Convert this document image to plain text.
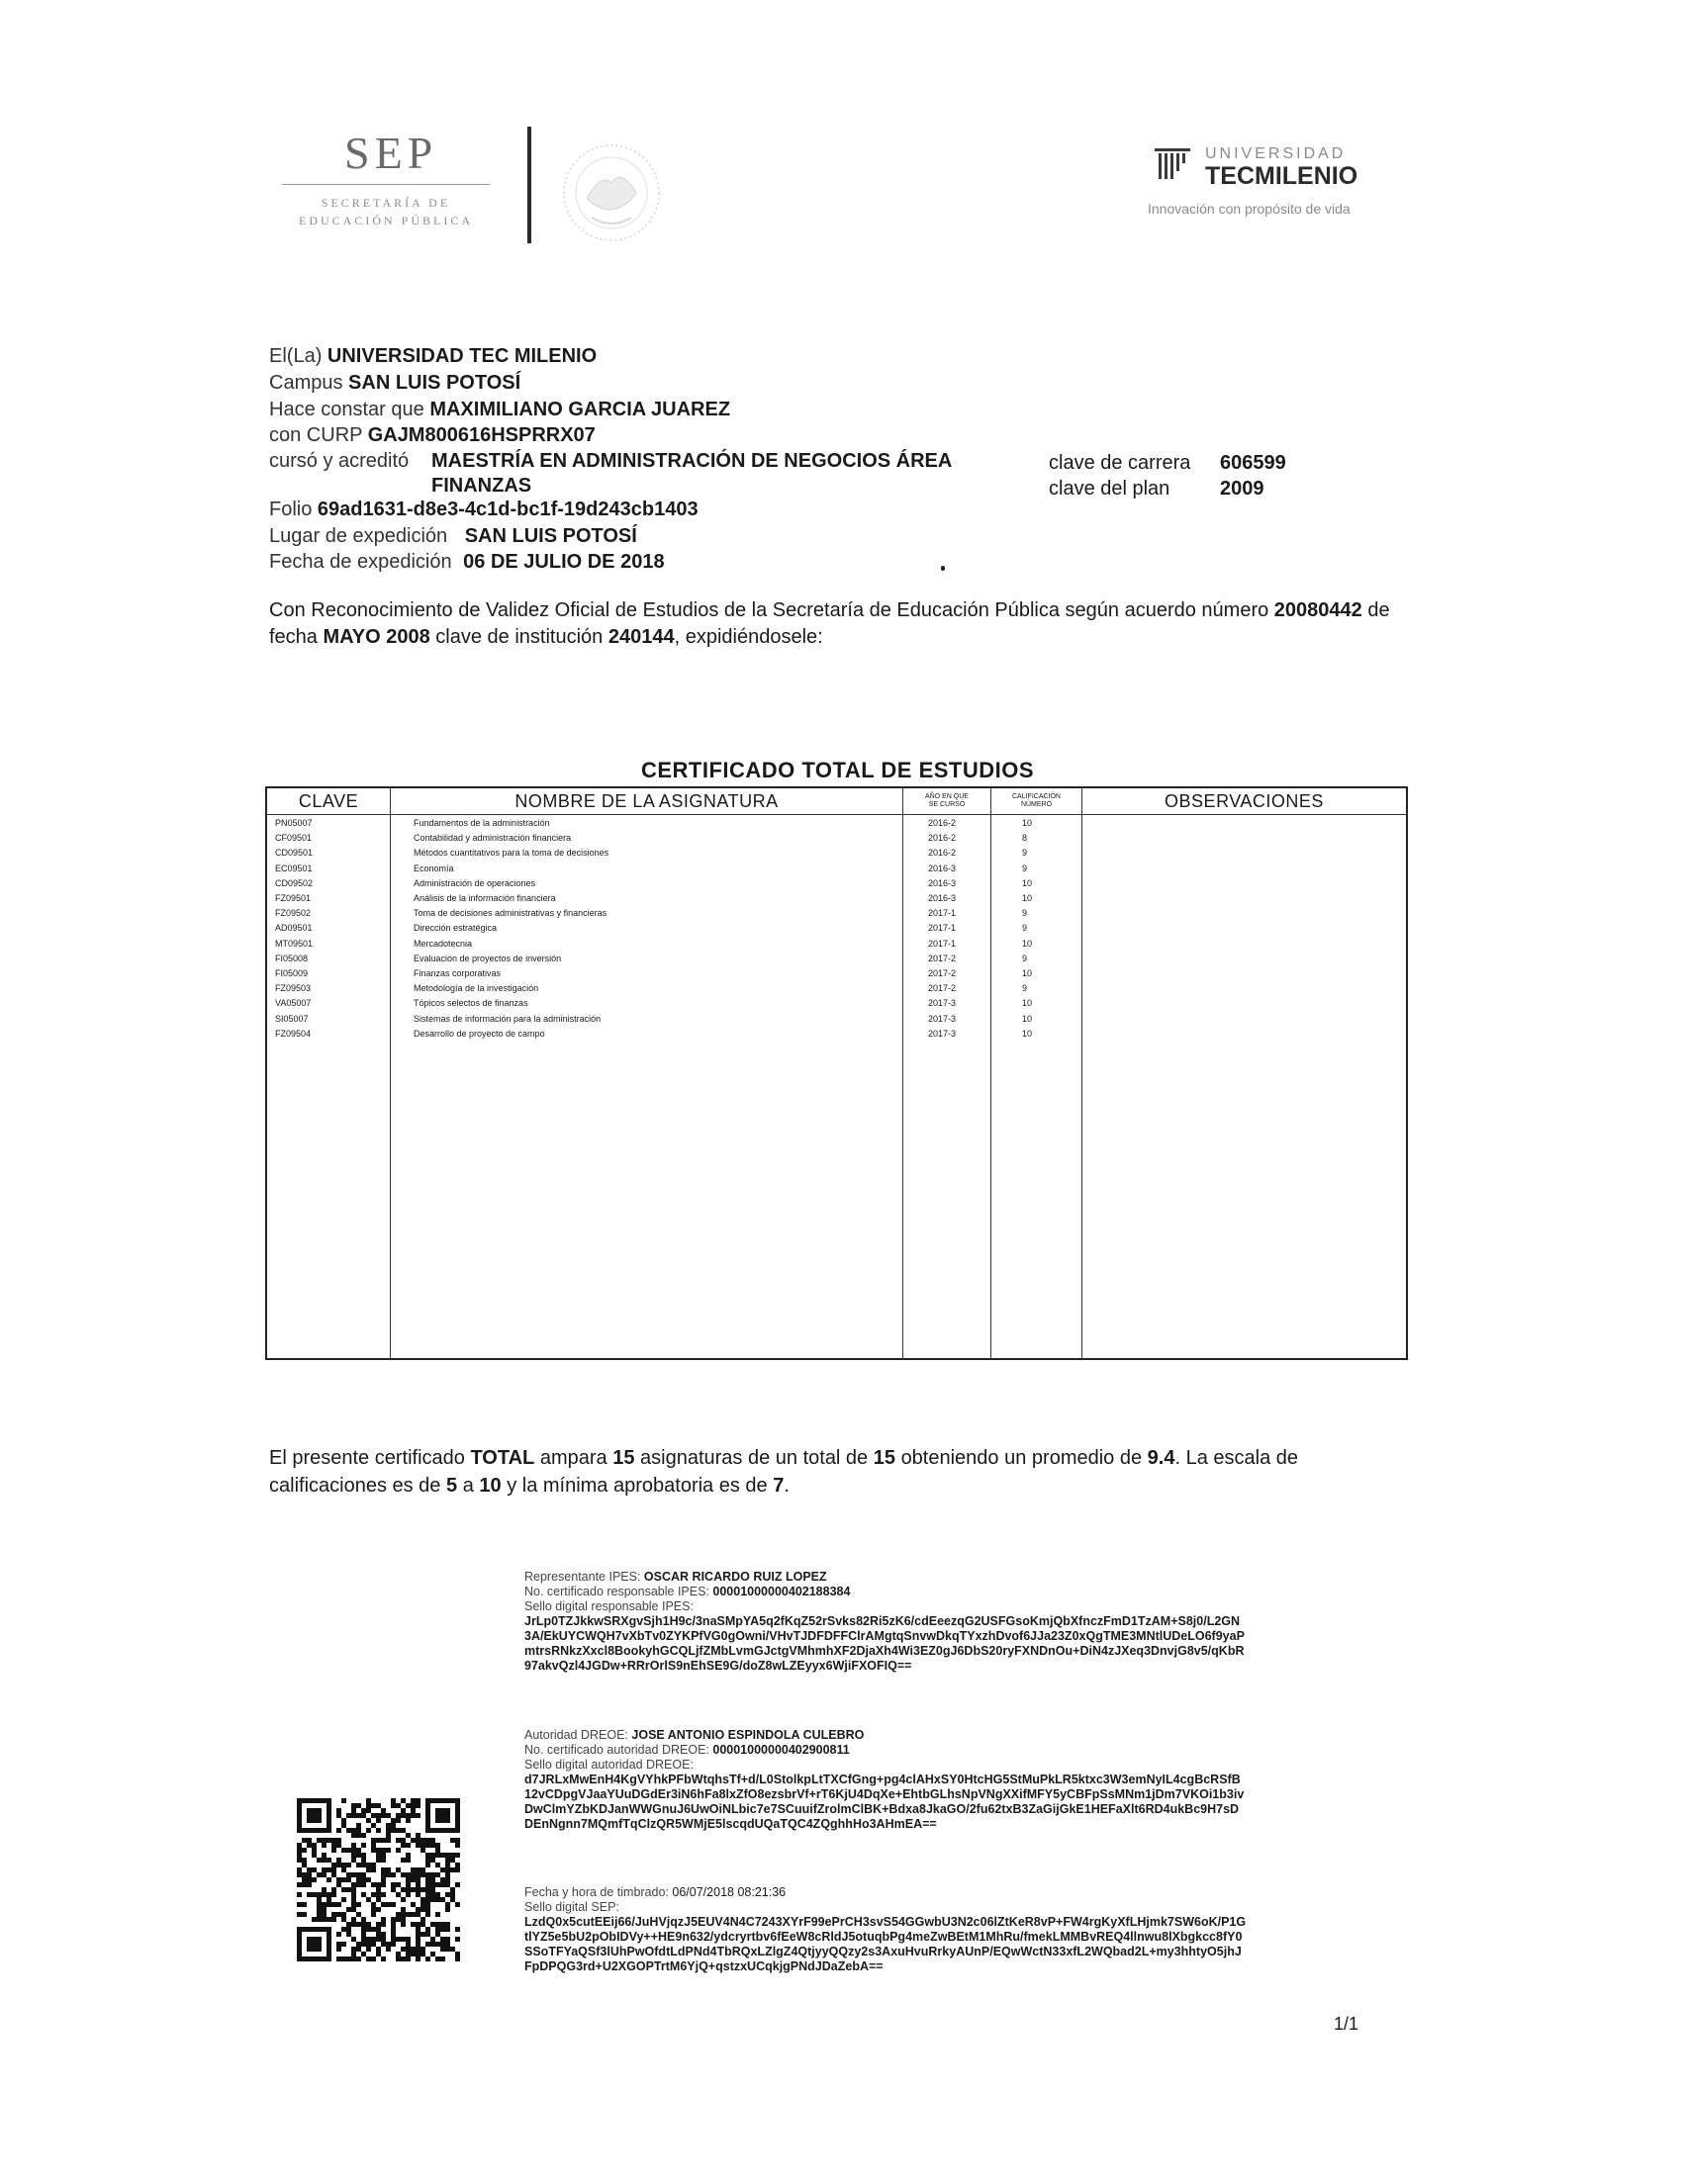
SEP
SECRETARÍA DE
EDUCACIÓN PÚBLICA
UNIVERSIDAD
TECMILENIO
Innovación con propósito de vida
El(La) UNIVERSIDAD TEC MILENIO
Campus SAN LUIS POTOSÍ
Hace constar que MAXIMILIANO GARCIA JUAREZ
con CURP GAJM800616HSPRRX07
cursó y acreditó MAESTRÍA EN ADMINISTRACIÓN DE NEGOCIOS ÁREA
FINANZAS
clave de carrera 606599
clave del plan	2009
Folio 69ad1631-d8e3-4c1d-bc1f-19d243cb1403
Lugar de expedición SAN LUIS POTOSÍ
Fecha de expedición 06 DE JULIO DE 2018
Con Reconocimiento de Validez Oficial de Estudios de la Secretaría de Educación Pública según acuerdo número 20080442 de fecha MAYO 2008 clave de institución 240144, expidiéndosele:
CERTIFICADO TOTAL DE ESTUDIOS
CLAVE	NOMBRE DE LA ASIGNATURA	AÑO EN QUE
SE CURSÓ
CALIFICACIÓN
NÚMERO	OBSERVACIONES
PN05007	Fundamentos de la administración	2016-2	10
CF09501	Contabilidad y administración financiera	2016-2	8
CD09501	Métodos cuantitativos para la toma de decisiones	2016-2	9
EC09501	Economía	2016-3	9
CD09502	Administración de operaciones	2016-3	10
FZ09501	Análisis de la información financiera	2016-3	10
FZ09502	Toma de decisiones administrativas y financieras	2017-1	9
AD09501	Dirección estratégica	2017-1	9
MT09501	Mercadotecnia	2017-1	10
FI05008	Evaluación de proyectos de inversión	2017-2	9
FI05009	Finanzas corporativas	2017-2	10
FZ09503	Metodología de la investigación	2017-2	9
VA05007	Tópicos selectos de finanzas	2017-3	10
SI05007	Sistemas de información para la administración	2017-3	10
FZ09504	Desarrollo de proyecto de campo	2017-3	10
El presente certificado TOTAL ampara 15 asignaturas de un total de 15 obteniendo un promedio de 9.4. La escala de calificaciones es de 5 a 10 y la mínima aprobatoria es de 7.
Representante IPES: OSCAR RICARDO RUIZ LOPEZ
No. certificado responsable IPES: 00001000000402188384
Sello digital responsable IPES:
JrLp0TZJkkwSRXgvSjh1H9c/3naSMpYA5q2fKqZ52rSvks82Ri5zK6/cdEeezqG2USFGsoKmjQbXfnczFmD1TzAM+S8j0/L2GN
3A/EkUYCWQH7vXbTv0ZYKPfVG0gOwni/VHvTJDFDFFClrAMgtqSnvwDkqTYxzhDvof6JJa23Z0xQgTME3MNtlUDeLO6f9yaP
mtrsRNkzXxcl8BookyhGCQLjfZMbLvmGJctgVMhmhXF2DjaXh4Wi3EZ0gJ6DbS20ryFXNDnOu+DiN4zJXeq3DnvjG8v5/qKbR
97akvQzl4JGDw+RRrOrlS9nEhSE9G/doZ8wLZEyyx6WjiFXOFIQ==
Autoridad DREOE: JOSE ANTONIO ESPINDOLA CULEBRO
No. certificado autoridad DREOE: 00001000000402900811
Sello digital autoridad DREOE:
d7JRLxMwEnH4KgVYhkPFbWtqhsTf+d/L0StolkpLtTXCfGng+pg4clAHxSY0HtcHG5StMuPkLR5ktxc3W3emNyIL4cgBcRSfB
12vCDpgVJaaYUuDGdEr3iN6hFa8lxZfO8ezsbrVf+rT6KjU4DqXe+EhtbGLhsNpVNgXXifMFY5yCBFpSsMNm1jDm7VKOi1b3iv
DwClmYZbKDJanWWGnuJ6UwOiNLbic7e7SCuuifZrolmClBK+Bdxa8JkaGO/2fu62txB3ZaGijGkE1HEFaXlt6RD4ukBc9H7sD
DEnNgnn7MQmfTqClzQR5WMjE5lscqdUQaTQC4ZQghhHo3AHmEA==
Fecha y hora de timbrado: 06/07/2018 08:21:36
Sello digital SEP:
LzdQ0x5cutEEij66/JuHVjqzJ5EUV4N4C7243XYrF99ePrCH3svS54GGwbU3N2c06lZtKeR8vP+FW4rgKyXfLHjmk7SW6oK/P1G
tlYZ5e5bU2pObIDVy++HE9n632/ydcryrtbv6fEeW8cRldJ5otuqbPg4meZwBEtM1MhRu/fmekLMMBvREQ4llnwu8lXbgkcc8fY0
SSoTFYaQSf3lUhPwOfdtLdPNd4TbRQxLZlgZ4QtjyyQQzy2s3AxuHvuRrkyAUnP/EQwWctN33xfL2WQbad2L+my3hhtyO5jhJ
FpDPQG3rd+U2XGOPTrtM6YjQ+qstzxUCqkjgPNdJDaZebA==
1/1
